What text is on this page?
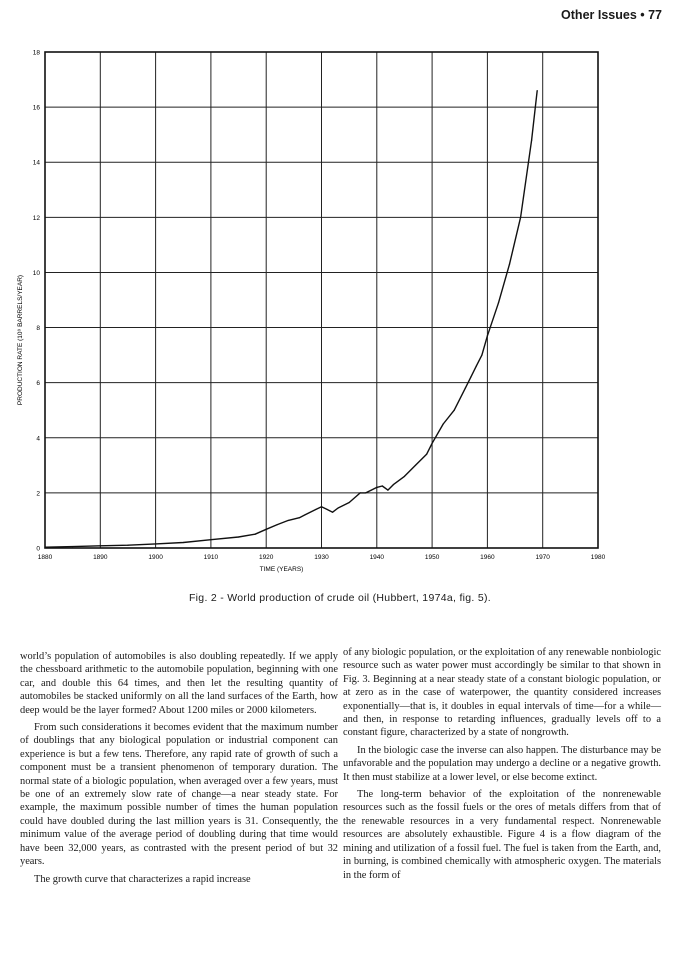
Other Issues • 77
1880	1890	1900	1910	1920	1930	1940	1950	1960	1970	1980
0
2
4
6
8
10
12
14
16
18
TIME (YEARS)
PRODUCTION RATE (10⁹ BARRELS/YEAR)
Fig. 2 - World production of crude oil (Hubbert, 1974a, fig. 5).

world’s population of automobiles is also doubling repeatedly. If we apply the chessboard arithmetic to the automobile population, beginning with one car, and double this 64 times, and then let the resulting quantity of automobiles be stacked uniformly on all the land surfaces of the Earth, how deep would be the layer formed? About 1200 miles or 2000 kilometers.

From such considerations it becomes evident that the maximum number of doublings that any biological population or industrial component can experience is but a few tens. Therefore, any rapid rate of growth of such a component must be a transient phenomenon of temporary duration. The normal state of a biologic population, when averaged over a few years, must be one of an extremely slow rate of change—a near steady state. For example, the maximum possible number of times the human population could have doubled during the last million years is 31. Consequently, the minimum value of the average period of doubling during that time would have been 32,000 years, as contrasted with the present period of but 32 years.

The growth curve that characterizes a rapid increase

of any biologic population, or the exploitation of any renewable nonbiologic resource such as water power must accordingly be similar to that shown in Fig. 3. Beginning at a near steady state of a constant biologic population, or at zero as in the case of waterpower, the quantity considered increases exponentially—that is, it doubles in equal intervals of time—for a while—and then, in response to retarding influences, gradually levels off to a constant figure, characterized by a state of nongrowth.

In the biologic case the inverse can also happen. The disturbance may be unfavorable and the population may undergo a decline or a negative growth. It then must stabilize at a lower level, or else become extinct.

The long-term behavior of the exploitation of the nonrenewable resources such as the fossil fuels or the ores of metals differs from that of the renewable resources in a very fundamental respect. Nonrenewable resources are absolutely exhaustible. Figure 4 is a flow diagram of the mining and utilization of a fossil fuel. The fuel is taken from the Earth, and, in burning, is combined chemically with atmospheric oxygen. The materials in the form of
